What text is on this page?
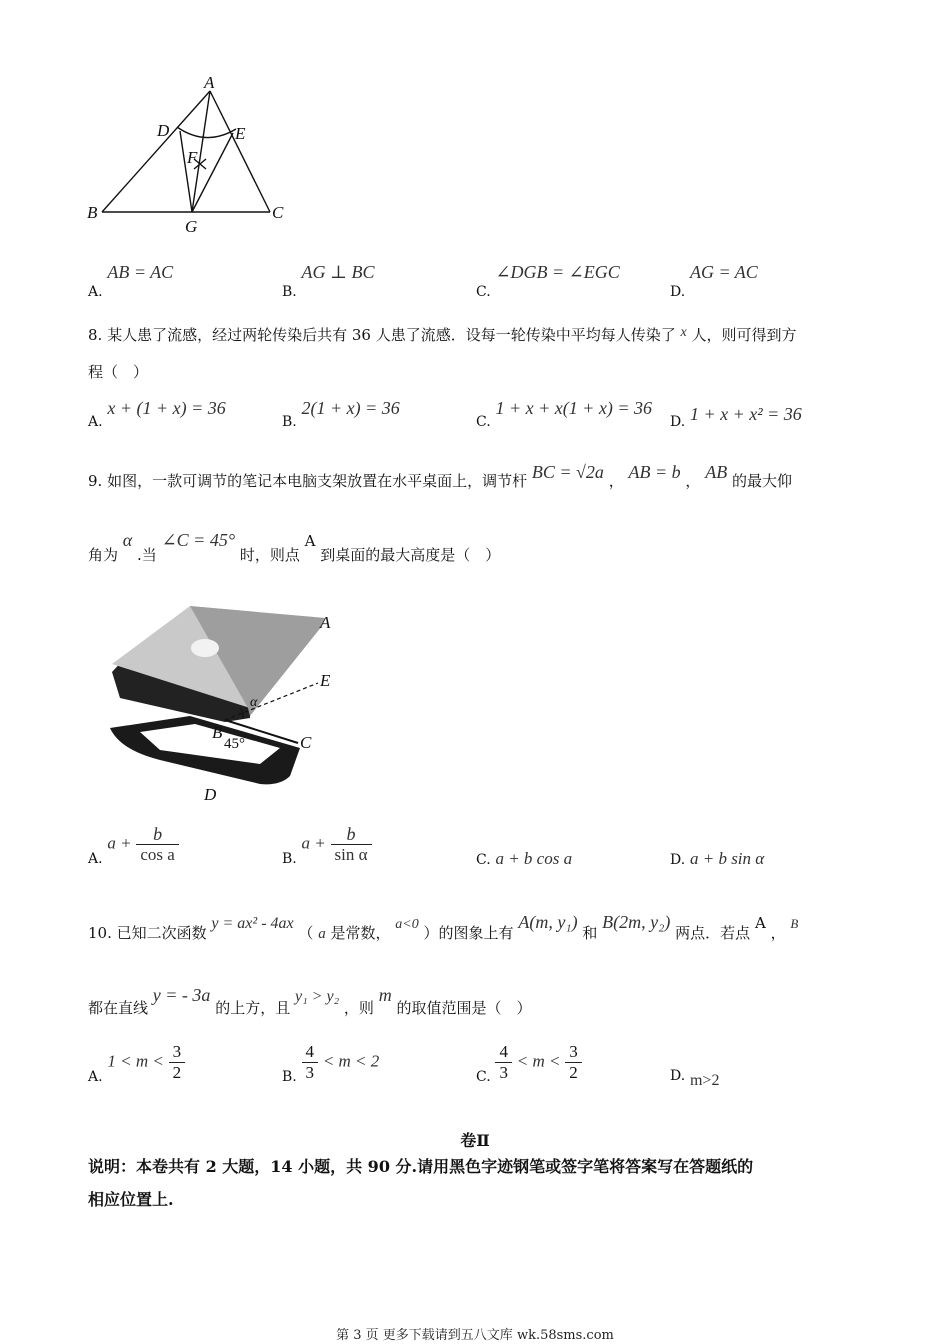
A
D	E
F
B	C
G
A. AB = AC
B. AG ⊥ BC
C. ∠DGB = ∠EGC
D. AG = AC
8. 某人患了流感，经过两轮传染后共有 36 人患了流感．设每一轮传染中平均每人传染了 x 人，则可得到方
程（　）
A. x + (1 + x) = 36
B. 2(1 + x) = 36
C. 1 + x + x(1 + x) = 36
D. 1 + x + x² = 36
9. 如图，一款可调节的笔记本电脑支架放置在水平桌面上，调节杆 BC = √2a ， AB = b ， AB 的最大仰
角为 α .当 ∠C = 45° 时，则点 A 到桌面的最大高度是（　）
A
E
α
B
45°	C
D
A. $a + \frac{b}{\text{cos a}}$	B. $a + \frac{b}{\text{sin α}}$	C. a + b cos a	D. a + b sin α
10. 已知二次函数 y = ax² - 4ax （ a 是常数， a<0 ）的图象上有 A(m, y₁) 和 B(2m, y₂) 两点．若点 A ， B
都在直线 y = - 3a 的上方，且 y₁ > y₂ ，则 m 的取值范围是（　）
A. $1 < m < \frac{3}{2}$	B. $\frac{4}{3} < m < 2$
C. $\frac{4}{3} < m < \frac{3}{2}$	D. m>2
卷Ⅱ
说明：本卷共有 2 大题，14 小题，共 90 分.请用黑色字迹钢笔或签字笔将答案写在答题纸的
相应位置上.
第 3 页 更多下载请到五八文库 wk.58sms.com
